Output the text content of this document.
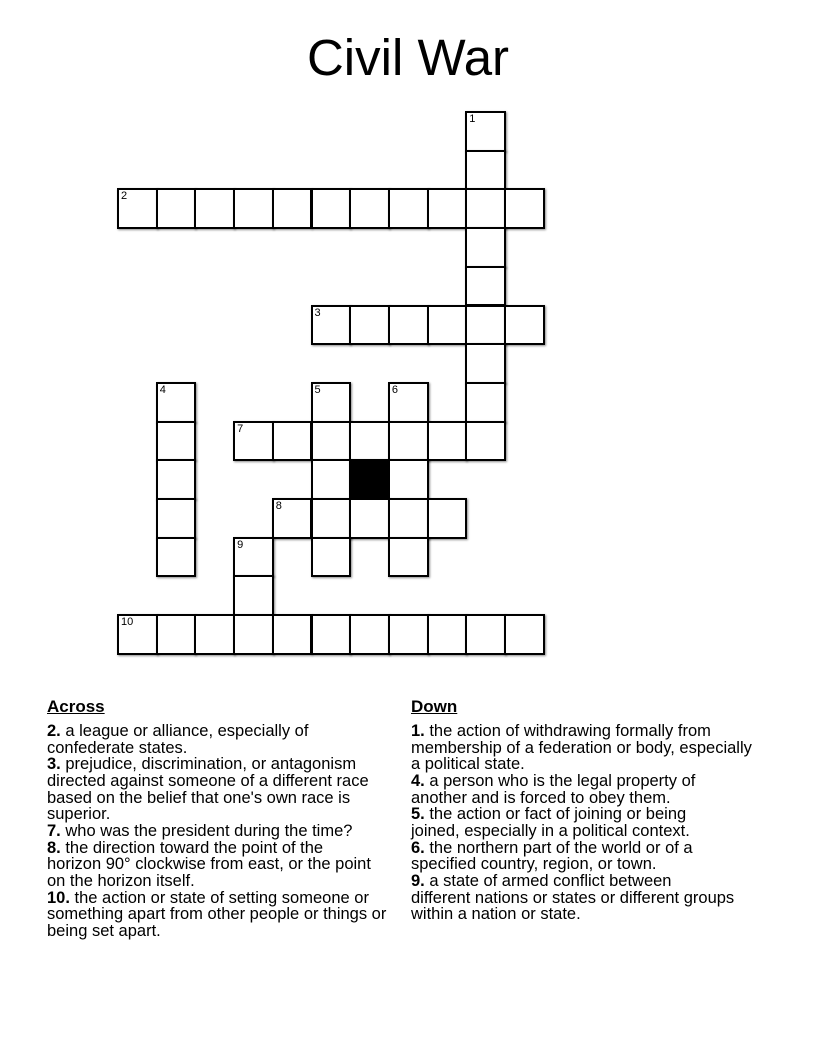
Civil War
1
2
3
4	5	6
7
8
9
10
Across

2. a league or alliance, especially of
confederate states.

3. prejudice, discrimination, or antagonism
directed against someone of a different race
based on the belief that one's own race is
superior.

7. who was the president during the time?

8. the direction toward the point of the
horizon 90° clockwise from east, or the point
on the horizon itself.

10. the action or state of setting someone or
something apart from other people or things or
being set apart.

Down

1. the action of withdrawing formally from
membership of a federation or body, especially
a political state.

4. a person who is the legal property of
another and is forced to obey them.

5. the action or fact of joining or being
joined, especially in a political context.

6. the northern part of the world or of a
specified country, region, or town.

9. a state of armed conflict between
different nations or states or different groups
within a nation or state.
